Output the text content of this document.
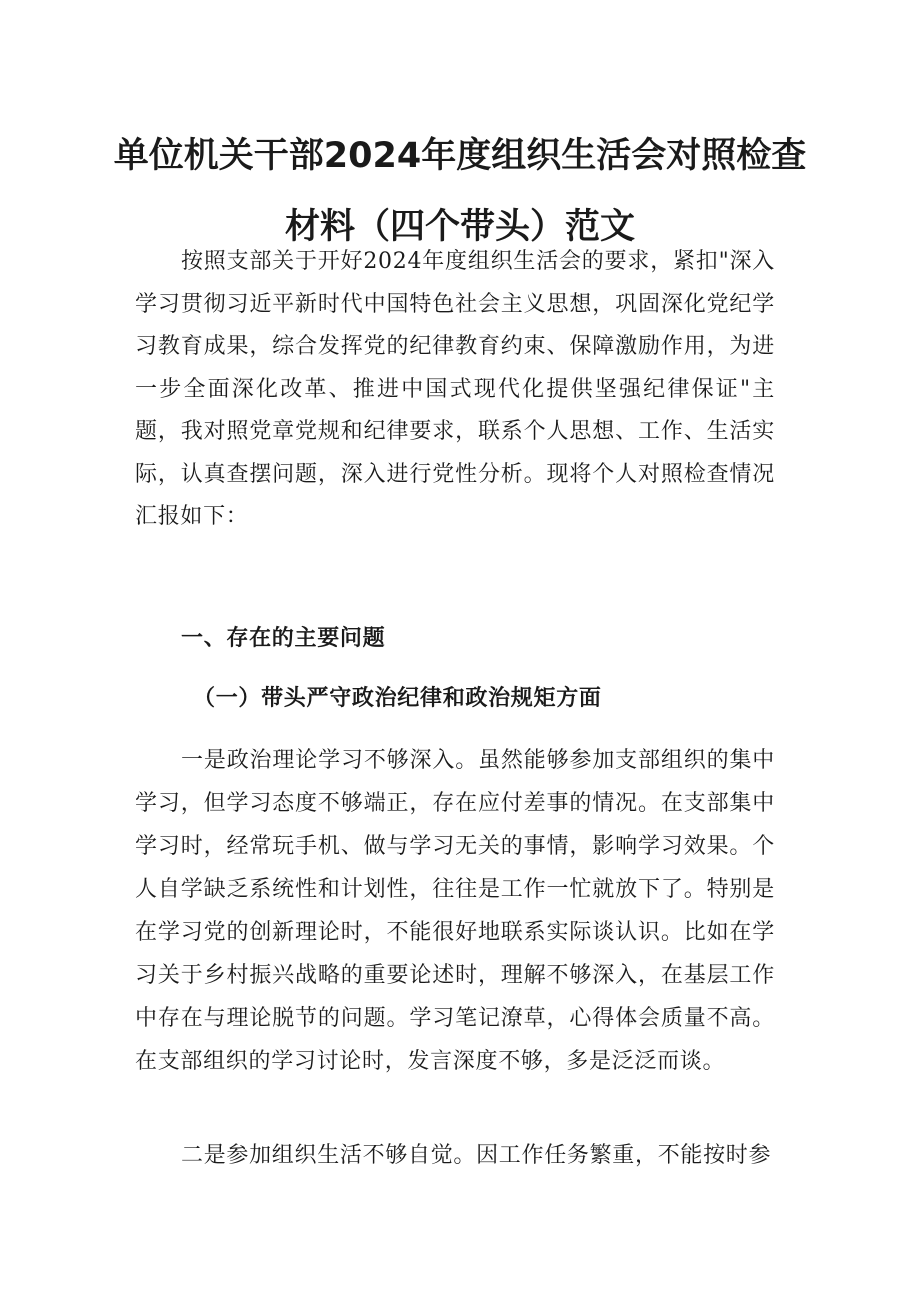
单位机关干部2024年度组织生活会对照检查
材料（四个带头）范文

按照支部关于开好2024年度组织生活会的要求，紧扣"深入学习贯彻习近平新时代中国特色社会主义思想，巩固深化党纪学习教育成果，综合发挥党的纪律教育约束、保障激励作用，为进一步全面深化改革、推进中国式现代化提供坚强纪律保证"主题，我对照党章党规和纪律要求，联系个人思想、工作、生活实际，认真查摆问题，深入进行党性分析。现将个人对照检查情况汇报如下：

一、存在的主要问题
（一）带头严守政治纪律和政治规矩方面

一是政治理论学习不够深入。虽然能够参加支部组织的集中学习，但学习态度不够端正，存在应付差事的情况。在支部集中学习时，经常玩手机、做与学习无关的事情，影响学习效果。个人自学缺乏系统性和计划性，往往是工作一忙就放下了。特别是在学习党的创新理论时，不能很好地联系实际谈认识。比如在学习关于乡村振兴战略的重要论述时，理解不够深入，在基层工作中存在与理论脱节的问题。学习笔记潦草，心得体会质量不高。在支部组织的学习讨论时，发言深度不够，多是泛泛而谈。

二是参加组织生活不够自觉。因工作任务繁重，不能按时参
